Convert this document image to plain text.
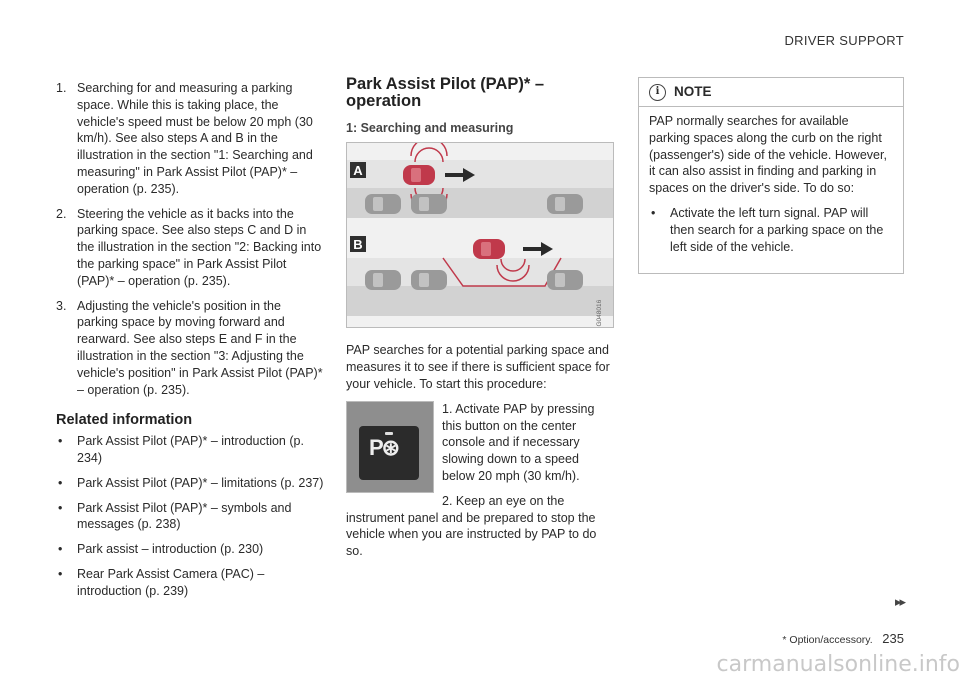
DRIVER SUPPORT
1. Searching for and measuring a parking space. While this is taking place, the vehicle's speed must be below 20 mph (30 km/h). See also steps A and B in the illustration in the section "1: Searching and measuring" in Park Assist Pilot (PAP)* – operation (p. 235).
2. Steering the vehicle as it backs into the parking space. See also steps C and D in the illustration in the section "2: Backing into the parking space" in Park Assist Pilot (PAP)* – operation (p. 235).
3. Adjusting the vehicle's position in the parking space by moving forward and rearward. See also steps E and F in the illustration in the section "3: Adjusting the vehicle's position" in Park Assist Pilot (PAP)* – operation (p. 235).
Related information
• Park Assist Pilot (PAP)* – introduction (p. 234)
• Park Assist Pilot (PAP)* – limitations (p. 237)
• Park Assist Pilot (PAP)* – symbols and messages (p. 238)
• Park assist – introduction (p. 230)
• Rear Park Assist Camera (PAC) – introduction (p. 239)
Park Assist Pilot (PAP)* – operation
1: Searching and measuring
A
B
G048016

PAP searches for a potential parking space and measures it to see if there is sufficient space for your vehicle. To start this procedure:

P⊛

1. Activate PAP by pressing this button on the center console and if necessary slowing down to a speed below 20 mph (30 km/h).

2. Keep an eye on the instrument panel and be prepared to stop the vehicle when you are instructed by PAP to do so.

i	NOTE

PAP normally searches for available parking spaces along the curb on the right (passenger's) side of the vehicle. However, it can also assist in finding and parking in spaces on the driver's side. To do so:

• Activate the left turn signal. PAP will then search for a parking space on the left side of the vehicle.
▸▸
* Option/accessory. 235
carmanualsonline.info
